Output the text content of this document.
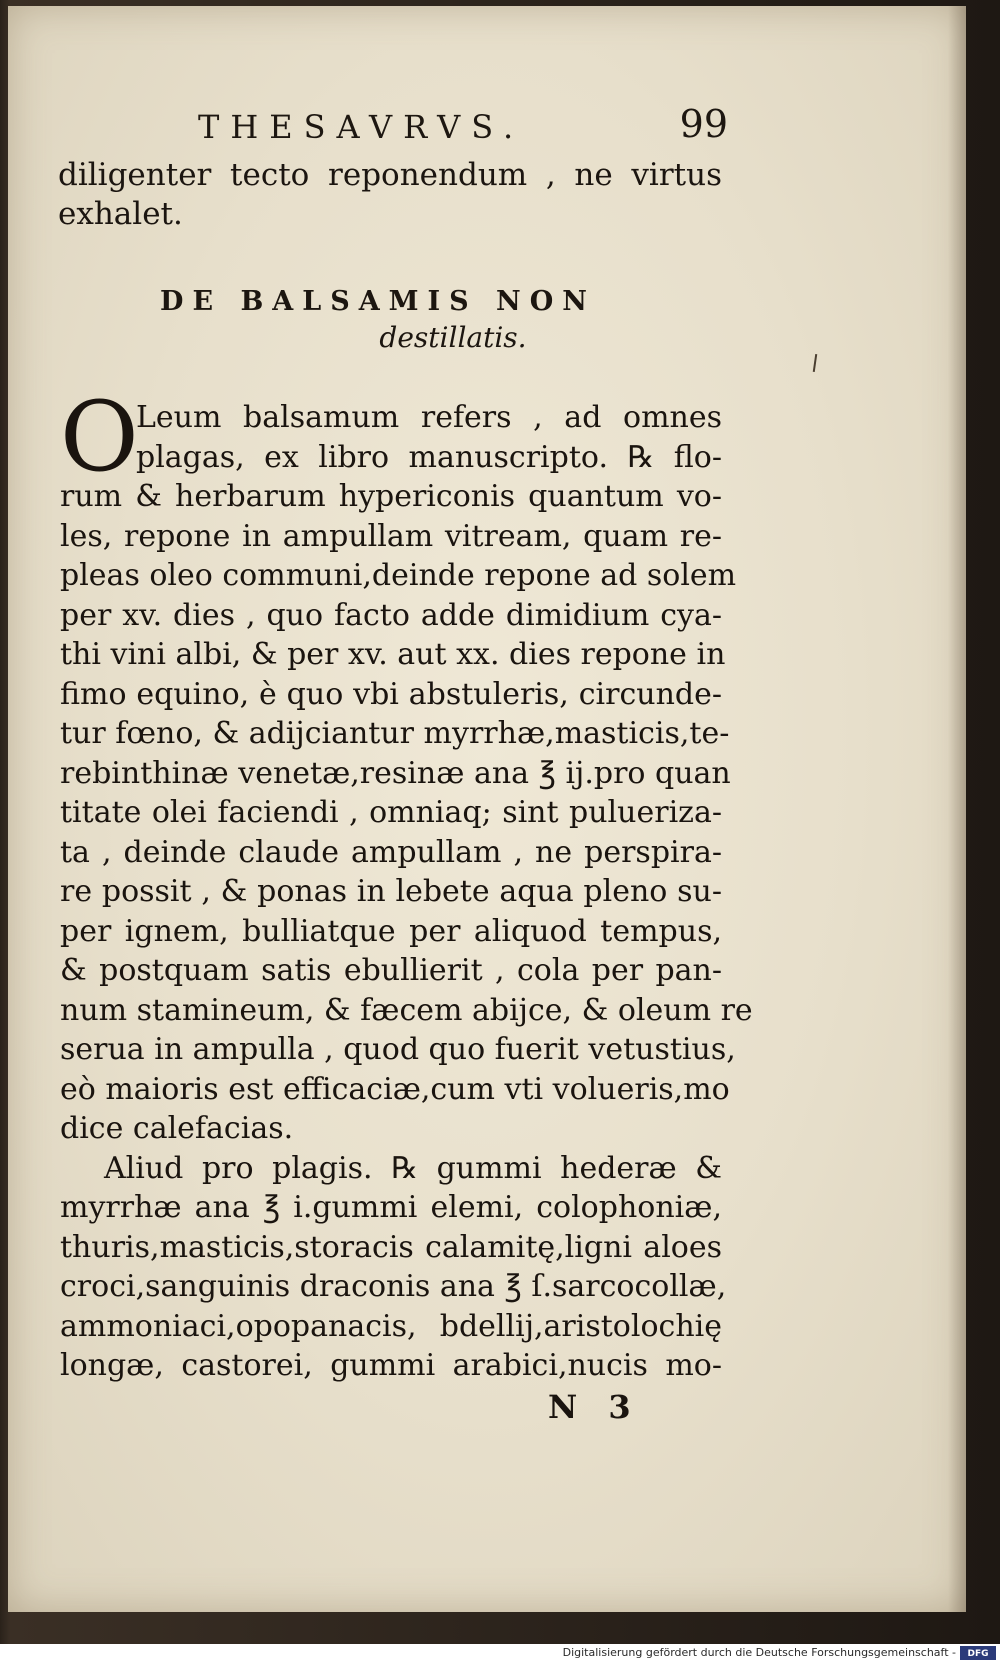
THESAVRVS.	99
diligenter tecto reponendum , ne virtus
exhalet.
DE BALSAMIS NON
destillatis.
O
Leum balsamum refers , ad omnes
plagas, ex libro manuscripto. ℞ flo-
rum & herbarum hypericonis quantum vo-
les, repone in ampullam vitream, quam re-
pleas oleo communi,deinde repone ad solem
per xv. dies , quo facto adde dimidium cya-
thi vini albi, & per xv. aut xx. dies repone in
fimo equino, è quo vbi abstuleris, circunde-
tur fœno, & adijciantur myrrhæ,masticis,te-
rebinthinæ venetæ,resinæ ana ℥ ij.pro quan
titate olei faciendi , omniaq; sint pulueriza-
ta , deinde claude ampullam , ne perspira-
re possit , & ponas in lebete aqua pleno su-
per ignem, bulliatque per aliquod tempus,
& postquam satis ebullierit , cola per pan-
num stamineum, & fæcem abijce, & oleum re
serua in ampulla , quod quo fuerit vetustius,
eò maioris est efficaciæ,cum vti volueris,mo
dice calefacias.
Aliud pro plagis. ℞ gummi hederæ &
myrrhæ ana ℥ i.gummi elemi, colophoniæ,
thuris,masticis,storacis calamitę,ligni aloes
croci,sanguinis draconis ana ℥ ſ.sarcocollæ,
ammoniaci,opopanacis, bdellij,aristolochię
longæ, castorei, gummi arabici,nucis mo-
N 3
Digitalisierung gefördert durch die Deutsche Forschungsgemeinschaft -	DFG
